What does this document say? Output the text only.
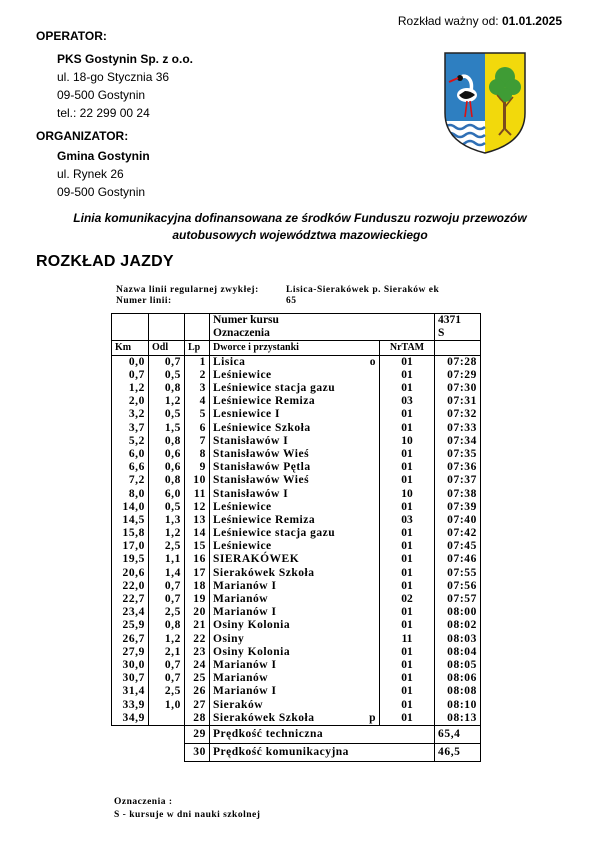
Rozkład ważny od: 01.01.2025
OPERATOR:
PKS Gostynin Sp. z o.o.
ul. 18-go Stycznia 36
09-500 Gostynin
tel.: 22 299 00 24
ORGANIZATOR:
Gmina Gostynin
ul. Rynek 26
09-500 Gostynin
Linia komunikacyjna dofinansowana ze środków Funduszu rozwoju przewozów
autobusowych województwa mazowieckiego
ROZKŁAD JAZDY
Nazwa linii regularnej zwykłej:	Lisica-Sierakówek p. Sieraków ek
Numer linii:	65
			Numer kursu		4371
			Oznaczenia		S
Km	Odl	Lp	Dworce i przystanki	NrTAM	
0,0	0,7	1	Lisica o	01	07:28
0,7	0,5	2	Leśniewice	01	07:29
1,2	0,8	3	Leśniewice stacja gazu	01	07:30
2,0	1,2	4	Leśniewice Remiza	03	07:31
3,2	0,5	5	Lesniewice I	01	07:32
3,7	1,5	6	Leśniewice Szkoła	01	07:33
5,2	0,8	7	Stanisławów I	10	07:34
6,0	0,6	8	Stanisławów Wieś	01	07:35
6,6	0,6	9	Stanisławów Pętla	01	07:36
7,2	0,8	10	Stanisławów Wieś	01	07:37
8,0	6,0	11	Stanisławów I	10	07:38
14,0	0,5	12	Leśniewice	01	07:39
14,5	1,3	13	Leśniewice Remiza	03	07:40
15,8	1,2	14	Leśniewice stacja gazu	01	07:42
17,0	2,5	15	Leśniewice	01	07:45
19,5	1,1	16	SIERAKÓWEK	01	07:46
20,6	1,4	17	Sierakówek Szkoła	01	07:55
22,0	0,7	18	Marianów I	01	07:56
22,7	0,7	19	Marianów	02	07:57
23,4	2,5	20	Marianów I	01	08:00
25,9	0,8	21	Osiny Kolonia	01	08:02
26,7	1,2	22	Osiny	11	08:03
27,9	2,1	23	Osiny Kolonia	01	08:04
30,0	0,7	24	Marianów I	01	08:05
30,7	0,7	25	Marianów	01	08:06
31,4	2,5	26	Marianów I	01	08:08
33,9	1,0	27	Sieraków	01	08:10
34,9		28	Sierakówek Szkoła p	01	08:13
		29	Prędkość techniczna		65,4
		30	Prędkość komunikacyjna		46,5
Oznaczenia :
S - kursuje w dni nauki szkolnej
